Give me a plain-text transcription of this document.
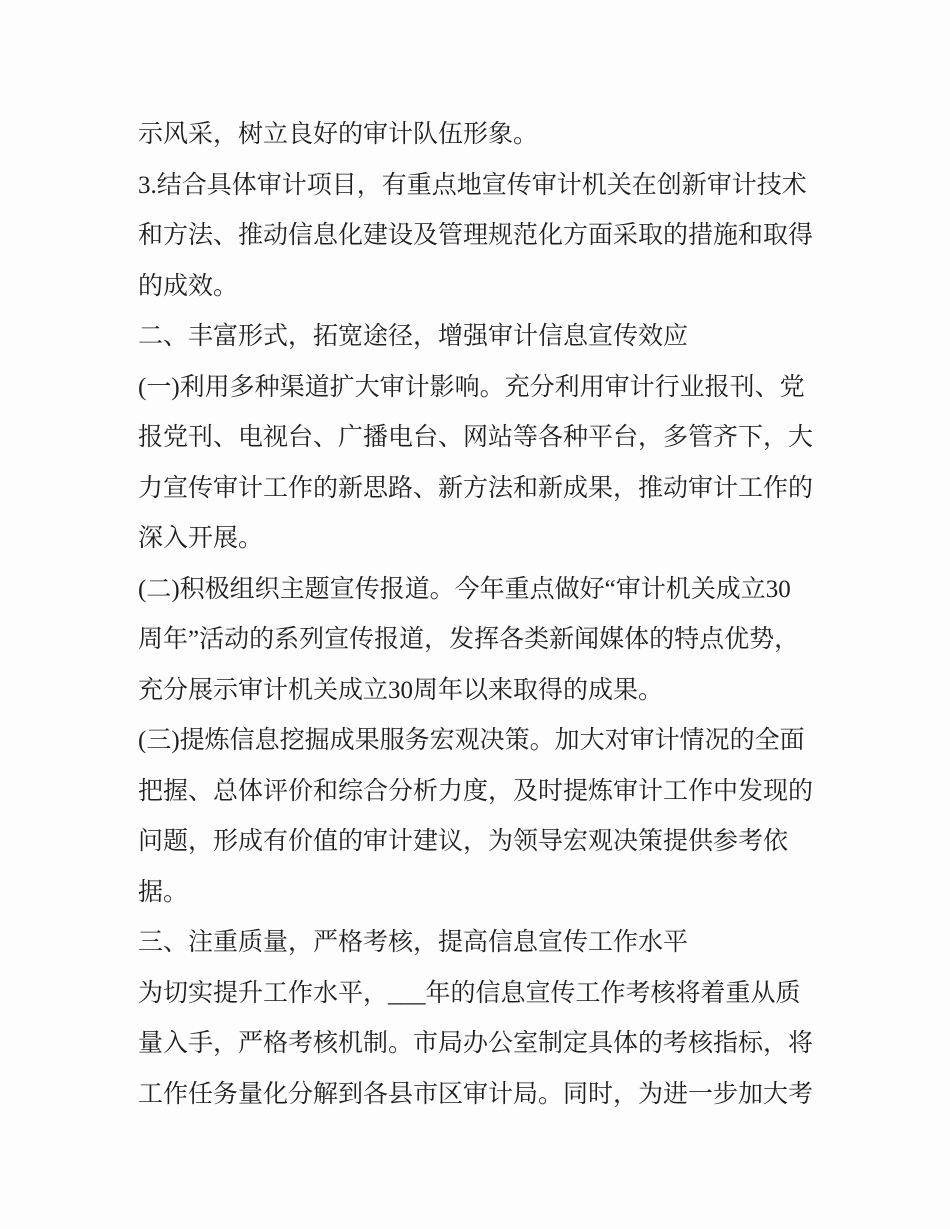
示风采，树立良好的审计队伍形象。
3.结合具体审计项目，有重点地宣传审计机关在创新审计技术
和方法、推动信息化建设及管理规范化方面采取的措施和取得
的成效。
二、丰富形式，拓宽途径，增强审计信息宣传效应
(一)利用多种渠道扩大审计影响。充分利用审计行业报刊、党
报党刊、电视台、广播电台、网站等各种平台，多管齐下，大
力宣传审计工作的新思路、新方法和新成果，推动审计工作的
深入开展。
(二)积极组织主题宣传报道。今年重点做好“审计机关成立30
周年”活动的系列宣传报道，发挥各类新闻媒体的特点优势，
充分展示审计机关成立30周年以来取得的成果。
(三)提炼信息挖掘成果服务宏观决策。加大对审计情况的全面
把握、总体评价和综合分析力度，及时提炼审计工作中发现的
问题，形成有价值的审计建议，为领导宏观决策提供参考依
据。
三、注重质量，严格考核，提高信息宣传工作水平
为切实提升工作水平，___年的信息宣传工作考核将着重从质
量入手，严格考核机制。市局办公室制定具体的考核指标，将
工作任务量化分解到各县市区审计局。同时，为进一步加大考
